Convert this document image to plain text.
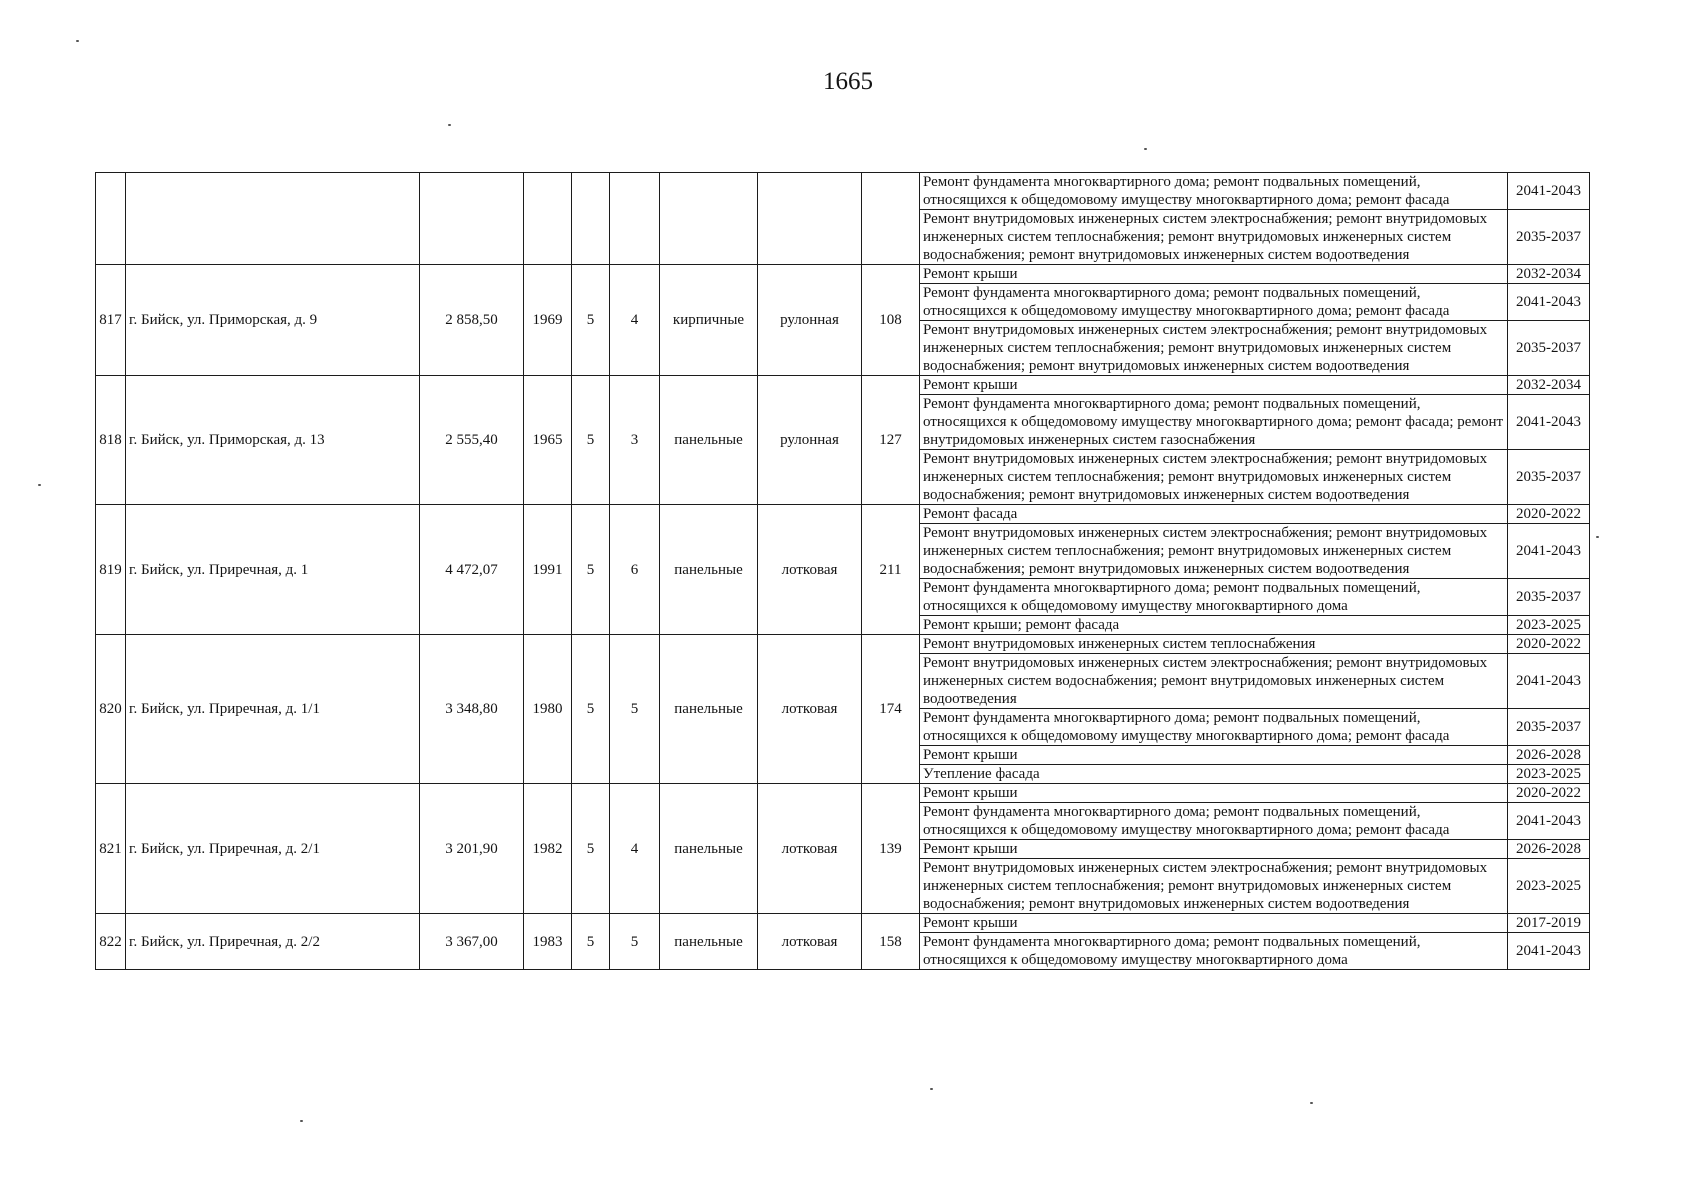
1665
									Ремонт фундамента многоквартирного дома; ремонт подвальных помещений, относящихся к общедомовому имуществу многоквартирного дома; ремонт фасада	2041-2043
									Ремонт внутридомовых инженерных систем электроснабжения; ремонт внутридомовых инженерных систем теплоснабжения; ремонт внутридомовых инженерных систем водоснабжения; ремонт внутридомовых инженерных систем водоотведения	2035-2037
817	г. Бийск, ул. Приморская, д. 9	2 858,50	1969	5	4	кирпичные	рулонная	108	Ремонт крыши	2032-2034
									Ремонт фундамента многоквартирного дома; ремонт подвальных помещений, относящихся к общедомовому имуществу многоквартирного дома; ремонт фасада	2041-2043
									Ремонт внутридомовых инженерных систем электроснабжения; ремонт внутридомовых инженерных систем теплоснабжения; ремонт внутридомовых инженерных систем водоснабжения; ремонт внутридомовых инженерных систем водоотведения	2035-2037
818	г. Бийск, ул. Приморская, д. 13	2 555,40	1965	5	3	панельные	рулонная	127	Ремонт крыши	2032-2034
									Ремонт фундамента многоквартирного дома; ремонт подвальных помещений, относящихся к общедомовому имуществу многоквартирного дома; ремонт фасада; ремонт внутридомовых инженерных систем газоснабжения	2041-2043
									Ремонт внутридомовых инженерных систем электроснабжения; ремонт внутридомовых инженерных систем теплоснабжения; ремонт внутридомовых инженерных систем водоснабжения; ремонт внутридомовых инженерных систем водоотведения	2035-2037
819	г. Бийск, ул. Приречная, д. 1	4 472,07	1991	5	6	панельные	лотковая	211	Ремонт фасада	2020-2022
									Ремонт внутридомовых инженерных систем электроснабжения; ремонт внутридомовых инженерных систем теплоснабжения; ремонт внутридомовых инженерных систем водоснабжения; ремонт внутридомовых инженерных систем водоотведения	2041-2043
									Ремонт фундамента многоквартирного дома; ремонт подвальных помещений, относящихся к общедомовому имуществу многоквартирного дома	2035-2037
									Ремонт крыши; ремонт фасада	2023-2025
820	г. Бийск, ул. Приречная, д. 1/1	3 348,80	1980	5	5	панельные	лотковая	174	Ремонт внутридомовых инженерных систем теплоснабжения	2020-2022
									Ремонт внутридомовых инженерных систем электроснабжения; ремонт внутридомовых инженерных систем водоснабжения; ремонт внутридомовых инженерных систем водоотведения	2041-2043
									Ремонт фундамента многоквартирного дома; ремонт подвальных помещений, относящихся к общедомовому имуществу многоквартирного дома; ремонт фасада	2035-2037
									Ремонт крыши	2026-2028
									Утепление фасада	2023-2025
821	г. Бийск, ул. Приречная, д. 2/1	3 201,90	1982	5	4	панельные	лотковая	139	Ремонт крыши	2020-2022
									Ремонт фундамента многоквартирного дома; ремонт подвальных помещений, относящихся к общедомовому имуществу многоквартирного дома; ремонт фасада	2041-2043
									Ремонт крыши	2026-2028
									Ремонт внутридомовых инженерных систем электроснабжения; ремонт внутридомовых инженерных систем теплоснабжения; ремонт внутридомовых инженерных систем водоснабжения; ремонт внутридомовых инженерных систем водоотведения	2023-2025
822	г. Бийск, ул. Приречная, д. 2/2	3 367,00	1983	5	5	панельные	лотковая	158	Ремонт крыши	2017-2019
									Ремонт фундамента многоквартирного дома; ремонт подвальных помещений, относящихся к общедомовому имуществу многоквартирного дома	2041-2043
